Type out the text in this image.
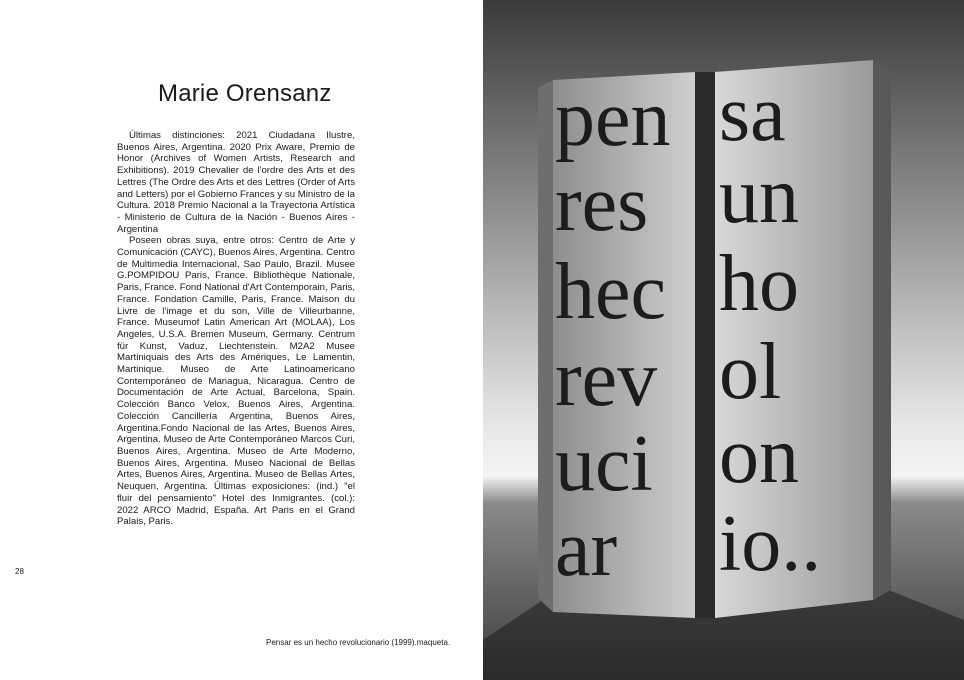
Marie Orensanz

Últimas distinciones: 2021 Ciudadana Ilustre, Buenos Aires, Argentina. 2020 Prix Aware, Premio de Honor (Archives of Women Artists, Research and Exhibitions). 2019 Chevalier de l'ordre des Arts et des Lettres (The Ordre des Arts et des Lettres (Order of Arts and Letters) por el Gobierno Frances y su Ministro de la Cultura. 2018 Premio Nacional a la Trayectoria Artística - Ministerio de Cultura de la Nación - Buenos Aires - Argentina

Poseen obras suya, entre otros: Centro de Arte y Comunicación (CAYC), Buenos Aires, Argentina. Centro de Multimedia Internacional, Sao Paulo, Brazil. Musee G.POMPIDOU Paris, France. Bibliothèque Nationale, Paris, France. Fond National d'Art Contemporain, Paris, France. Fondation Camille, Paris, France. Maison du Livre de l'image et du son, Ville de Villeurbanne, France. Museumof Latin American Art (MOLAA), Los Angeles, U.S.A. Bremen Museum, Germany. Centrum für Kunst, Vaduz, Liechtenstein. M2A2 Musee Martiniquais des Arts des Amériques, Le Lamentin, Martinique. Museo de Arte Latinoamericano Contemporáneo de Managua, Nicaragua. Centro de Documentación de Arte Actual, Barcelona, Spain. Colección Banco Velox, Buenos Aires, Argentina. Colección Cancillería Argentina, Buenos Aires, Argentina.Fondo Nacional de las Artes, Buenos Aires, Argentina. Museo de Arte Contemporáneo Marcos Curi, Buenos Aires, Argentina. Museo de Arte Moderno, Buenos Aires, Argentina. Museo Nacional de Bellas Artes, Buenos Aires, Argentina. Museo de Bellas Artes, Neuquen, Argentina. Últimas exposiciones: (ind.) "el fluir del pensamiento" Hotel des Inmigrantes. (col.): 2022 ARCO Madrid, España. Art Paris en el Grand Palais, Paris.

28
Pensar es un hecho revolucionario (1999).maqueta.
pen sa
res un
hec ho
rev ol
uci on
ar io..
